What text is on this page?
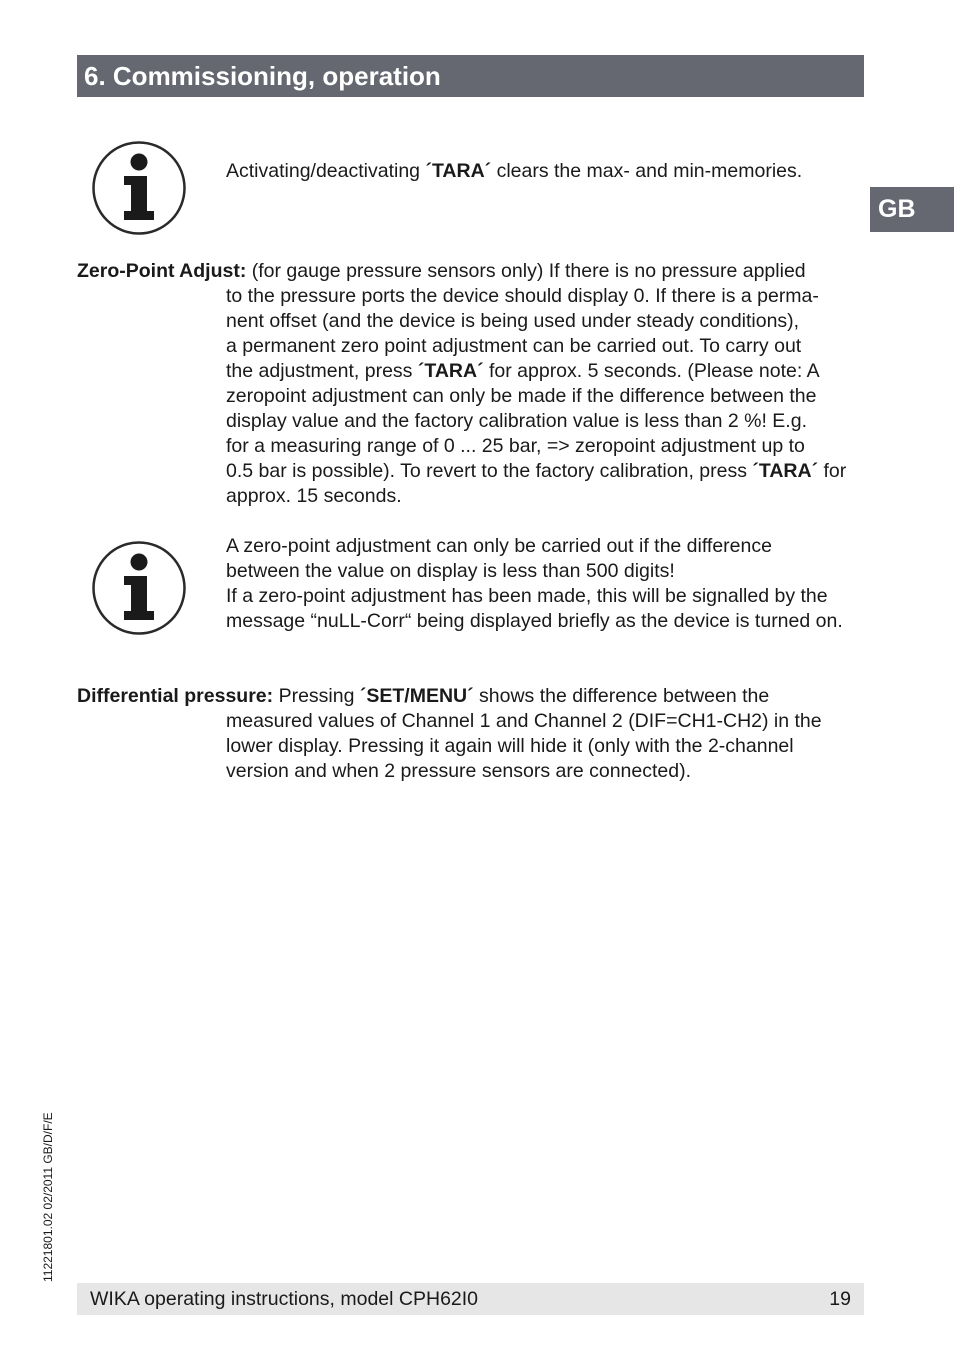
6. Commissioning, operation
GB

Activating/deactivating ´TARA´ clears the max- and min-memories.

Zero-Point Adjust: (for gauge pressure sensors only) If there is no pressure applied

to the pressure ports the device should display 0. If there is a perma-
nent offset (and the device is being used under steady conditions),
a permanent zero point adjustment can be carried out. To carry out
the adjustment, press ´TARA´ for approx. 5 seconds. (Please note: A
zeropoint adjustment can only be made if the difference between the
display value and the factory calibration value is less than 2 %! E.g.
for a measuring range of 0 ... 25 bar, => zeropoint adjustment up to
0.5 bar is possible). To revert to the factory calibration, press ´TARA´ for
approx. 15 seconds.

A zero-point adjustment can only be carried out if the difference

between the value on display is less than 500 digits!

If a zero-point adjustment has been made, this will be signalled by the

message “nuLL-Corr“ being displayed briefly as the device is turned on.

Differential pressure: Pressing ´SET/MENU´ shows the difference between the

measured values of Channel 1 and Channel 2 (DIF=CH1-CH2) in the
lower display. Pressing it again will hide it (only with the 2-channel
version and when 2 pressure sensors are connected).
11221801.02 02/2011 GB/D/F/E
WIKA operating instructions, model CPH62I0	19
